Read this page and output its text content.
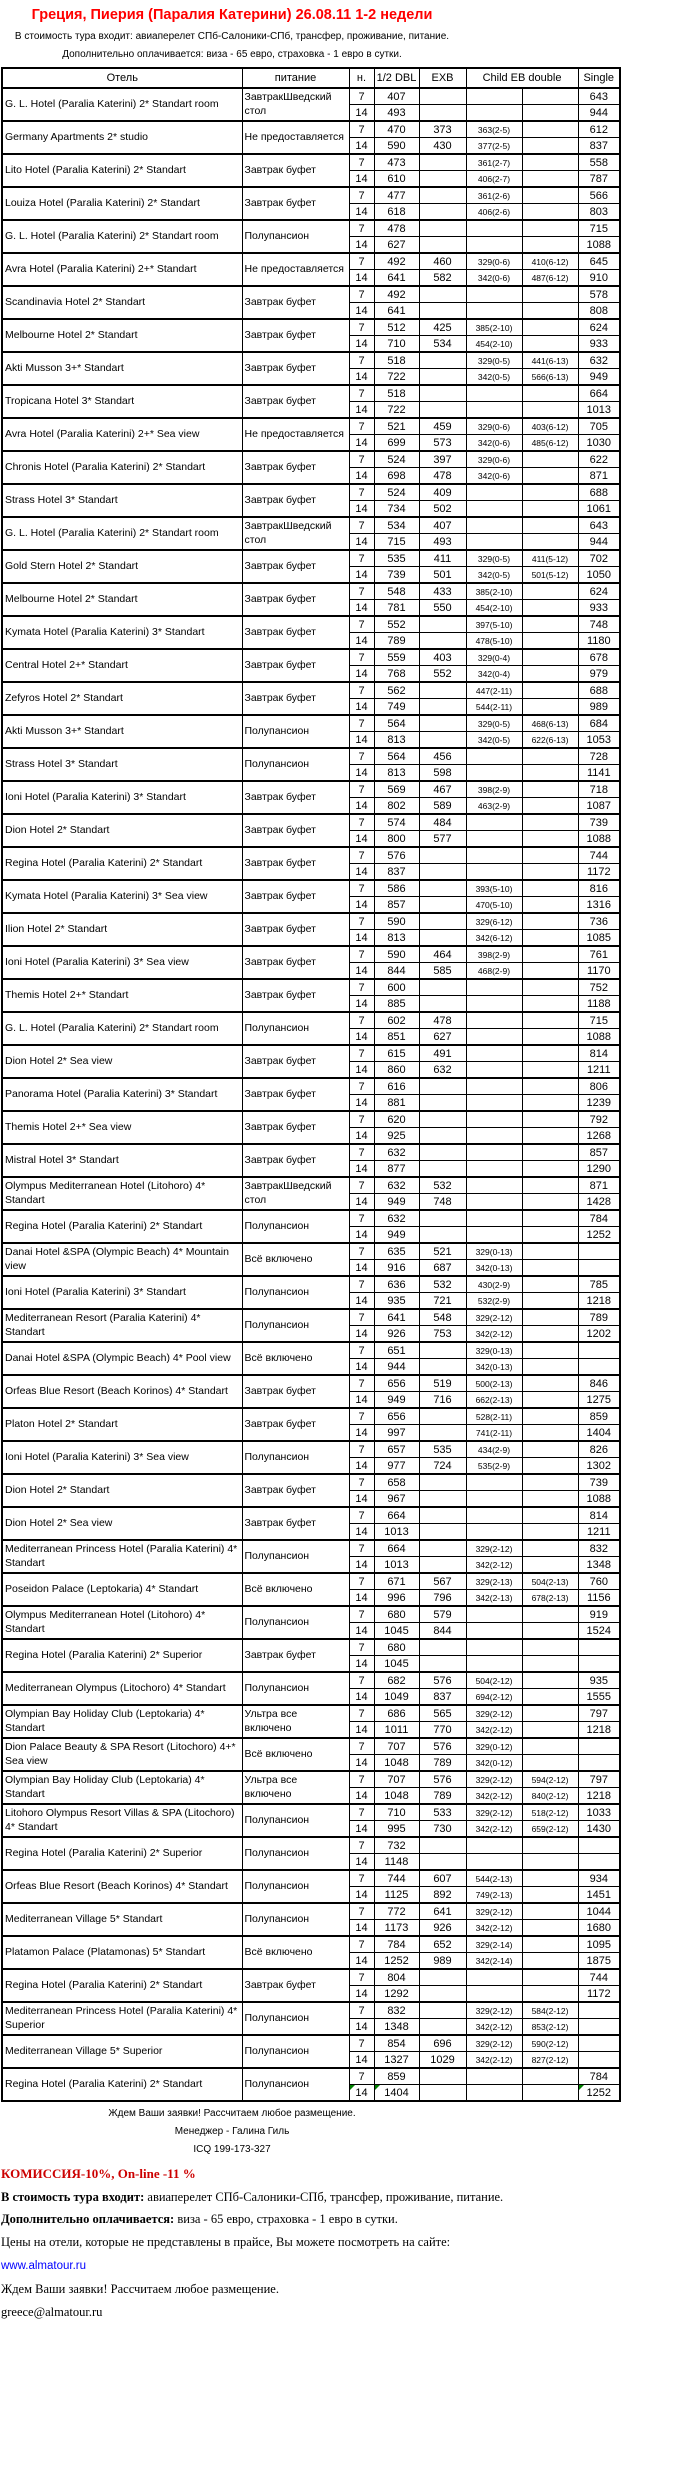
Греция, Пиерия (Паралия Катерини) 26.08.11 1-2 недели
В стоимость тура входит: авиаперелет СПб-Салоники-СПб, трансфер, проживание, питание.
Дополнительно оплачивается: виза - 65 евро, страховка - 1 евро в сутки.
Отель	питание	н.	1/2 DBL	EXB	Child EB double		Single
G. L. Hotel (Paralia Katerini) 2* Standart room	ЗавтракШведский стол	7	407				643
		14	493				944
Germany Apartments 2* studio	Не предоставляется	7	470	373	363(2-5)		612
		14	590	430	377(2-5)		837
Lito Hotel (Paralia Katerini) 2* Standart	Завтрак буфет	7	473		361(2-7)		558
		14	610		406(2-7)		787
Louiza Hotel (Paralia Katerini) 2* Standart	Завтрак буфет	7	477		361(2-6)		566
		14	618		406(2-6)		803
G. L. Hotel (Paralia Katerini) 2* Standart room	Полупансион	7	478				715
		14	627				1088
Avra Hotel (Paralia Katerini) 2+* Standart	Не предоставляется	7	492	460	329(0-6)	410(6-12)	645
		14	641	582	342(0-6)	487(6-12)	910
Scandinavia Hotel 2* Standart	Завтрак буфет	7	492				578
		14	641				808
Melbourne Hotel 2* Standart	Завтрак буфет	7	512	425	385(2-10)		624
		14	710	534	454(2-10)		933
Akti Musson 3+* Standart	Завтрак буфет	7	518		329(0-5)	441(6-13)	632
		14	722		342(0-5)	566(6-13)	949
Tropicana Hotel 3* Standart	Завтрак буфет	7	518				664
		14	722				1013
Avra Hotel (Paralia Katerini) 2+* Sea view	Не предоставляется	7	521	459	329(0-6)	403(6-12)	705
		14	699	573	342(0-6)	485(6-12)	1030
Chronis Hotel (Paralia Katerini) 2* Standart	Завтрак буфет	7	524	397	329(0-6)		622
		14	698	478	342(0-6)		871
Strass Hotel 3* Standart	Завтрак буфет	7	524	409			688
		14	734	502			1061
G. L. Hotel (Paralia Katerini) 2* Standart room	ЗавтракШведский стол	7	534	407			643
		14	715	493			944
Gold Stern Hotel 2* Standart	Завтрак буфет	7	535	411	329(0-5)	411(5-12)	702
		14	739	501	342(0-5)	501(5-12)	1050
Melbourne Hotel 2* Standart	Завтрак буфет	7	548	433	385(2-10)		624
		14	781	550	454(2-10)		933
Kymata Hotel (Paralia Katerini) 3* Standart	Завтрак буфет	7	552		397(5-10)		748
		14	789		478(5-10)		1180
Central Hotel 2+* Standart	Завтрак буфет	7	559	403	329(0-4)		678
		14	768	552	342(0-4)		979
Zefyros Hotel 2* Standart	Завтрак буфет	7	562		447(2-11)		688
		14	749		544(2-11)		989
Akti Musson 3+* Standart	Полупансион	7	564		329(0-5)	468(6-13)	684
		14	813		342(0-5)	622(6-13)	1053
Strass Hotel 3* Standart	Полупансион	7	564	456			728
		14	813	598			1141
Ioni Hotel (Paralia Katerini) 3* Standart	Завтрак буфет	7	569	467	398(2-9)		718
		14	802	589	463(2-9)		1087
Dion Hotel 2* Standart	Завтрак буфет	7	574	484			739
		14	800	577			1088
Regina Hotel (Paralia Katerini) 2* Standart	Завтрак буфет	7	576				744
		14	837				1172
Kymata Hotel (Paralia Katerini) 3* Sea view	Завтрак буфет	7	586		393(5-10)		816
		14	857		470(5-10)		1316
Ilion Hotel 2* Standart	Завтрак буфет	7	590		329(6-12)		736
		14	813		342(6-12)		1085
Ioni Hotel (Paralia Katerini) 3* Sea view	Завтрак буфет	7	590	464	398(2-9)		761
		14	844	585	468(2-9)		1170
Themis Hotel 2+* Standart	Завтрак буфет	7	600				752
		14	885				1188
G. L. Hotel (Paralia Katerini) 2* Standart room	Полупансион	7	602	478			715
		14	851	627			1088
Dion Hotel 2* Sea view	Завтрак буфет	7	615	491			814
		14	860	632			1211
Panorama Hotel (Paralia Katerini) 3* Standart	Завтрак буфет	7	616				806
		14	881				1239
Themis Hotel 2+* Sea view	Завтрак буфет	7	620				792
		14	925				1268
Mistral Hotel 3* Standart	Завтрак буфет	7	632				857
		14	877				1290
Olympus Mediterranean Hotel (Litohoro) 4* Standart	ЗавтракШведский стол	7	632	532			871
		14	949	748			1428
Regina Hotel (Paralia Katerini) 2* Standart	Полупансион	7	632				784
		14	949				1252
Danai Hotel &SPA (Olympic Beach) 4* Mountain view	Всё включено	7	635	521	329(0-13)		
		14	916	687	342(0-13)		
Ioni Hotel (Paralia Katerini) 3* Standart	Полупансион	7	636	532	430(2-9)		785
		14	935	721	532(2-9)		1218
Mediterranean Resort (Paralia Katerini) 4* Standart	Полупансион	7	641	548	329(2-12)		789
		14	926	753	342(2-12)		1202
Danai Hotel &SPA (Olympic Beach) 4* Pool view	Всё включено	7	651		329(0-13)		
		14	944		342(0-13)		
Orfeas Blue Resort (Beach Korinos) 4* Standart	Завтрак буфет	7	656	519	500(2-13)		846
		14	949	716	662(2-13)		1275
Platon Hotel 2* Standart	Завтрак буфет	7	656		528(2-11)		859
		14	997		741(2-11)		1404
Ioni Hotel (Paralia Katerini) 3* Sea view	Полупансион	7	657	535	434(2-9)		826
		14	977	724	535(2-9)		1302
Dion Hotel 2* Standart	Завтрак буфет	7	658				739
		14	967				1088
Dion Hotel 2* Sea view	Завтрак буфет	7	664				814
		14	1013				1211
Mediterranean Princess Hotel (Paralia Katerini) 4* Standart	Полупансион	7	664		329(2-12)		832
		14	1013		342(2-12)		1348
Poseidon Palace (Leptokaria) 4* Standart	Всё включено	7	671	567	329(2-13)	504(2-13)	760
		14	996	796	342(2-13)	678(2-13)	1156
Olympus Mediterranean Hotel (Litohoro) 4* Standart	Полупансион	7	680	579			919
		14	1045	844			1524
Regina Hotel (Paralia Katerini) 2* Superior	Завтрак буфет	7	680				
		14	1045				
Mediterranean Olympus (Litochoro) 4* Standart	Полупансион	7	682	576	504(2-12)		935
		14	1049	837	694(2-12)		1555
Olympian Bay Holiday Club (Leptokaria) 4* Standart	Ультра все включено	7	686	565	329(2-12)		797
		14	1011	770	342(2-12)		1218
Dion Palace Beauty & SPA Resort (Litochoro) 4+* Sea view	Всё включено	7	707	576	329(0-12)		
		14	1048	789	342(0-12)		
Olympian Bay Holiday Club (Leptokaria) 4* Standart	Ультра все включено	7	707	576	329(2-12)	594(2-12)	797
		14	1048	789	342(2-12)	840(2-12)	1218
Litohoro Olympus Resort Villas & SPA (Litochoro) 4* Standart	Полупансион	7	710	533	329(2-12)	518(2-12)	1033
		14	995	730	342(2-12)	659(2-12)	1430
Regina Hotel (Paralia Katerini) 2* Superior	Полупансион	7	732				
		14	1148				
Orfeas Blue Resort (Beach Korinos) 4* Standart	Полупансион	7	744	607	544(2-13)		934
		14	1125	892	749(2-13)		1451
Mediterranean Village 5* Standart	Полупансион	7	772	641	329(2-12)		1044
		14	1173	926	342(2-12)		1680
Platamon Palace (Platamonas) 5* Standart	Всё включено	7	784	652	329(2-14)		1095
		14	1252	989	342(2-14)		1875
Regina Hotel (Paralia Katerini) 2* Standart	Завтрак буфет	7	804				744
		14	1292				1172
Mediterranean Princess Hotel (Paralia Katerini) 4* Superior	Полупансион	7	832		329(2-12)	584(2-12)	
		14	1348		342(2-12)	853(2-12)	
Mediterranean Village 5* Superior	Полупансион	7	854	696	329(2-12)	590(2-12)	
		14	1327	1029	342(2-12)	827(2-12)	
Regina Hotel (Paralia Katerini) 2* Standart	Полупансион	7	859				784
		14	1404				1252
Ждем Ваши заявки! Рассчитаем любое размещение.
Менеджер - Галина Гиль
ICQ 199-173-327
КОМИССИЯ-10%, On-line -11 %
В стоимость тура входит: авиаперелет СПб-Салоники-СПб, трансфер, проживание, питание.
Дополнительно оплачивается: виза - 65 евро, страховка - 1 евро в сутки.
Цены на отели, которые не представлены в прайсе, Вы можете посмотреть на сайте:
www.almatour.ru
Ждем Ваши заявки! Рассчитаем любое размещение.
greece@almatour.ru
